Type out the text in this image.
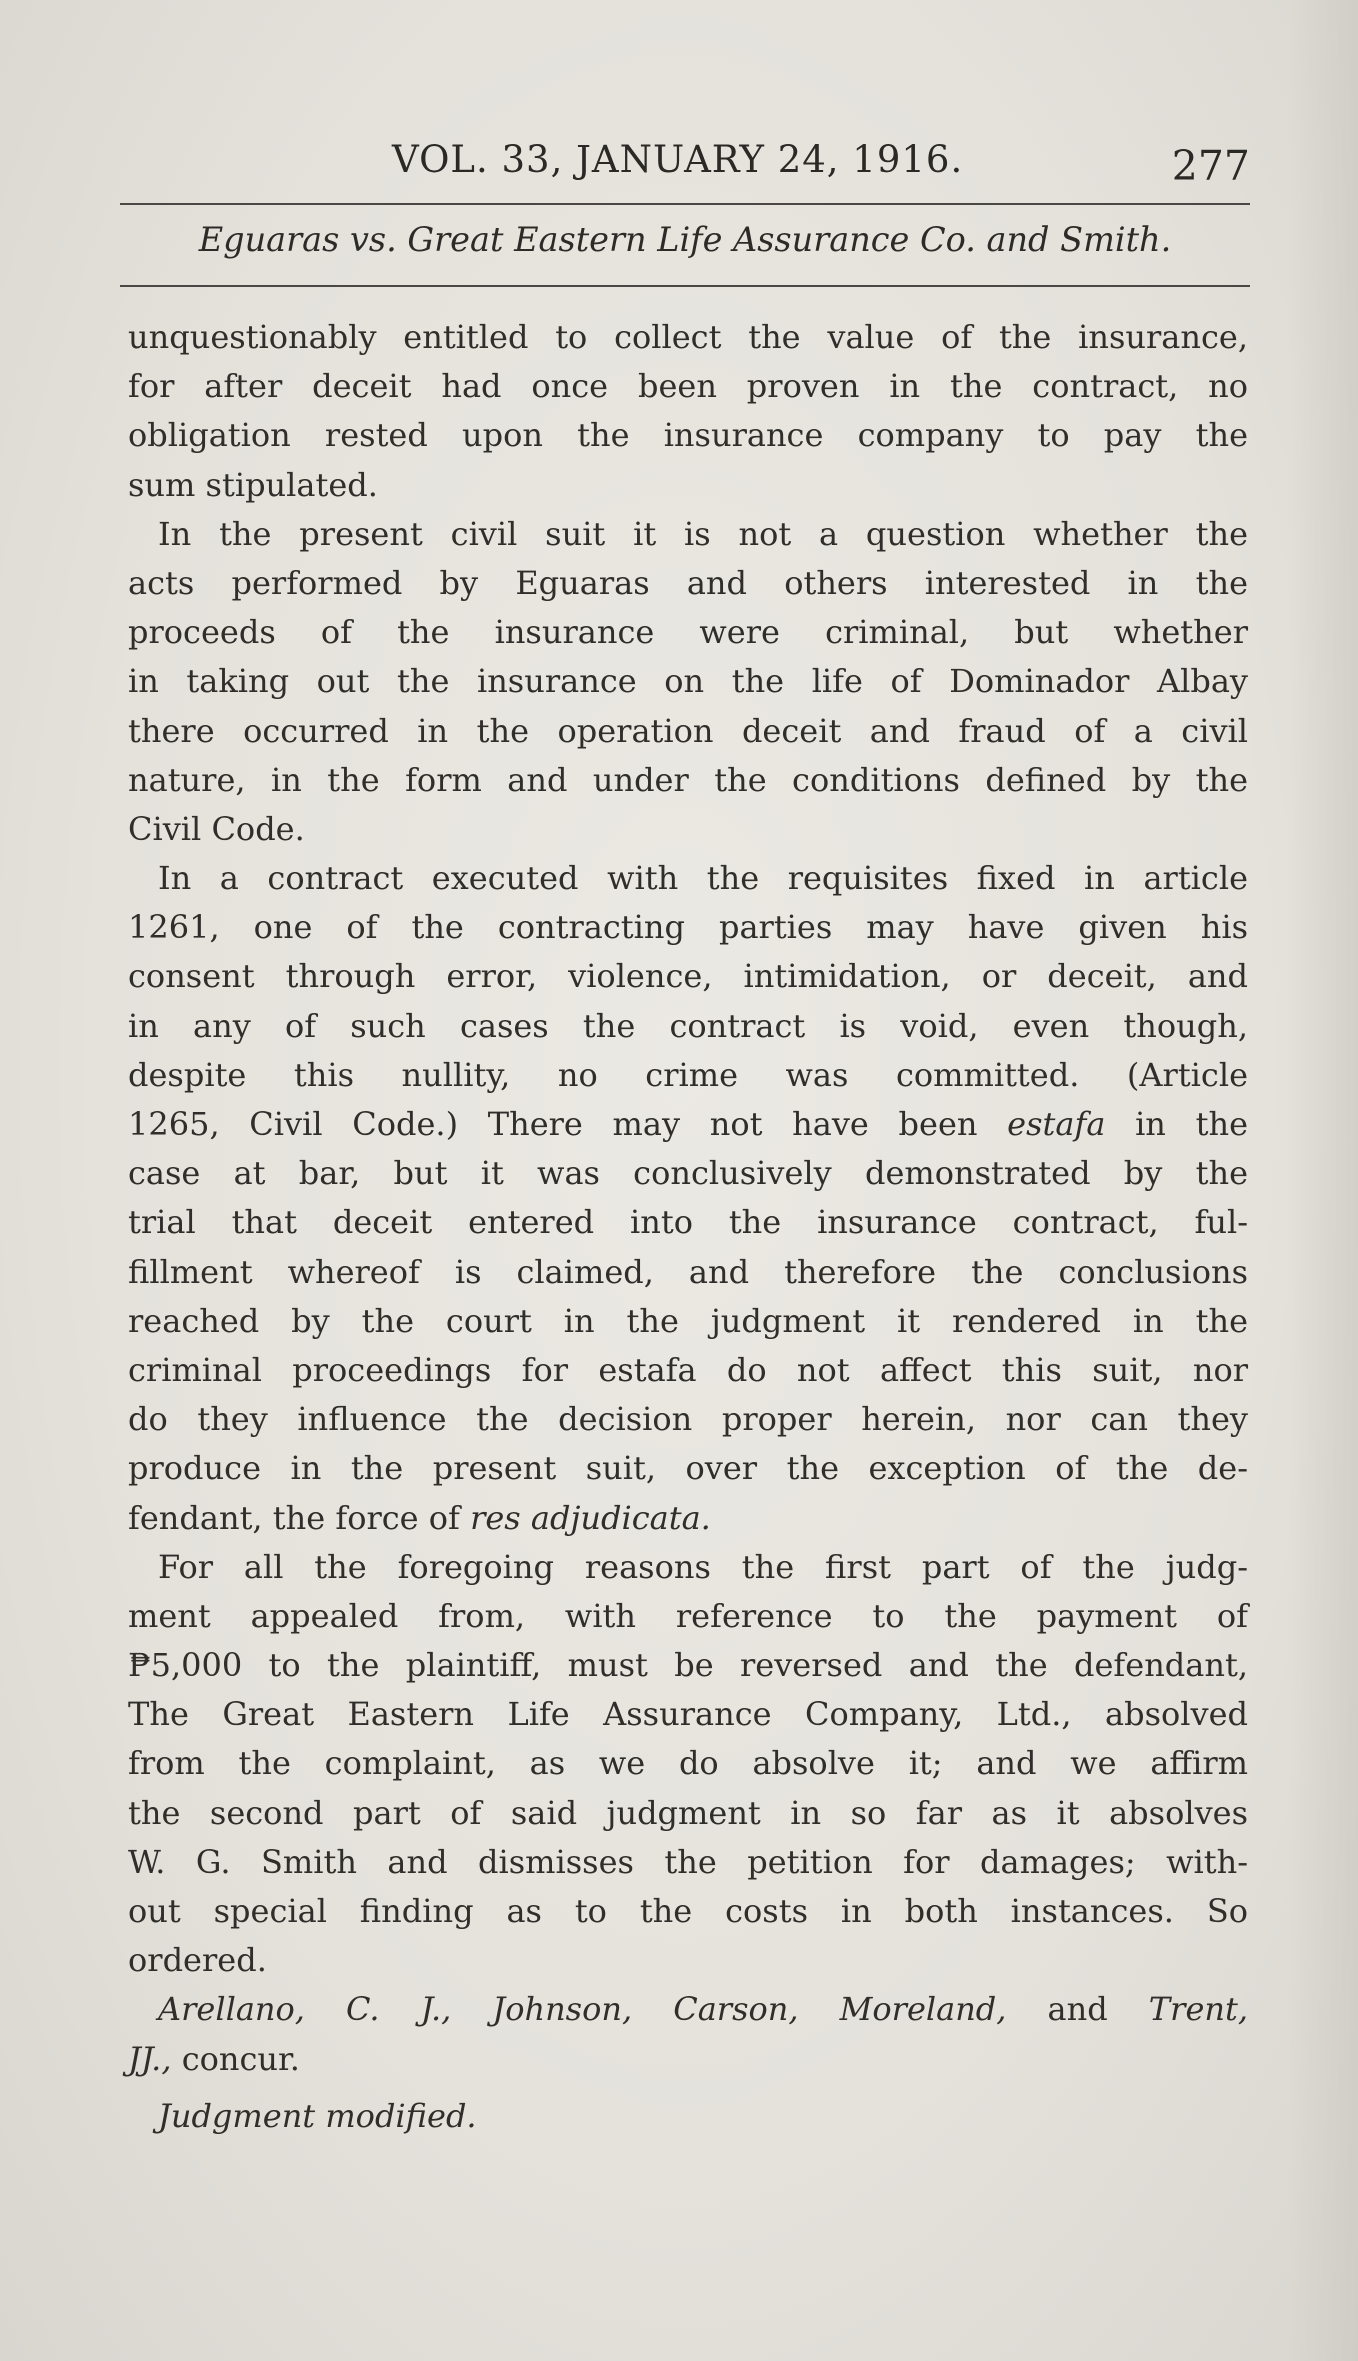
VOL. 33, JANUARY 24, 1916.	277
Eguaras vs. Great Eastern Life Assurance Co. and Smith.
unquestionably entitled to collect the value of the insurance,
for after deceit had once been proven in the contract, no
obligation rested upon the insurance company to pay the
sum stipulated.
In the present civil suit it is not a question whether the
acts performed by Eguaras and others interested in the
proceeds of the insurance were criminal, but whether
in taking out the insurance on the life of Dominador Albay
there occurred in the operation deceit and fraud of a civil
nature, in the form and under the conditions defined by the
Civil Code.
In a contract executed with the requisites fixed in article
1261, one of the contracting parties may have given his
consent through error, violence, intimidation, or deceit, and
in any of such cases the contract is void, even though,
despite this nullity, no crime was committed. (Article
1265, Civil Code.) There may not have been estafa in the
case at bar, but it was conclusively demonstrated by the
trial that deceit entered into the insurance contract, ful-
fillment whereof is claimed, and therefore the conclusions
reached by the court in the judgment it rendered in the
criminal proceedings for estafa do not affect this suit, nor
do they influence the decision proper herein, nor can they
produce in the present suit, over the exception of the de-
fendant, the force of res adjudicata.
For all the foregoing reasons the first part of the judg-
ment appealed from, with reference to the payment of
₱5,000 to the plaintiff, must be reversed and the defendant,
The Great Eastern Life Assurance Company, Ltd., absolved
from the complaint, as we do absolve it; and we affirm
the second part of said judgment in so far as it absolves
W. G. Smith and dismisses the petition for damages; with-
out special finding as to the costs in both instances. So
ordered.
Arellano, C. J., Johnson, Carson, Moreland, and Trent,
JJ., concur.
Judgment modified.
